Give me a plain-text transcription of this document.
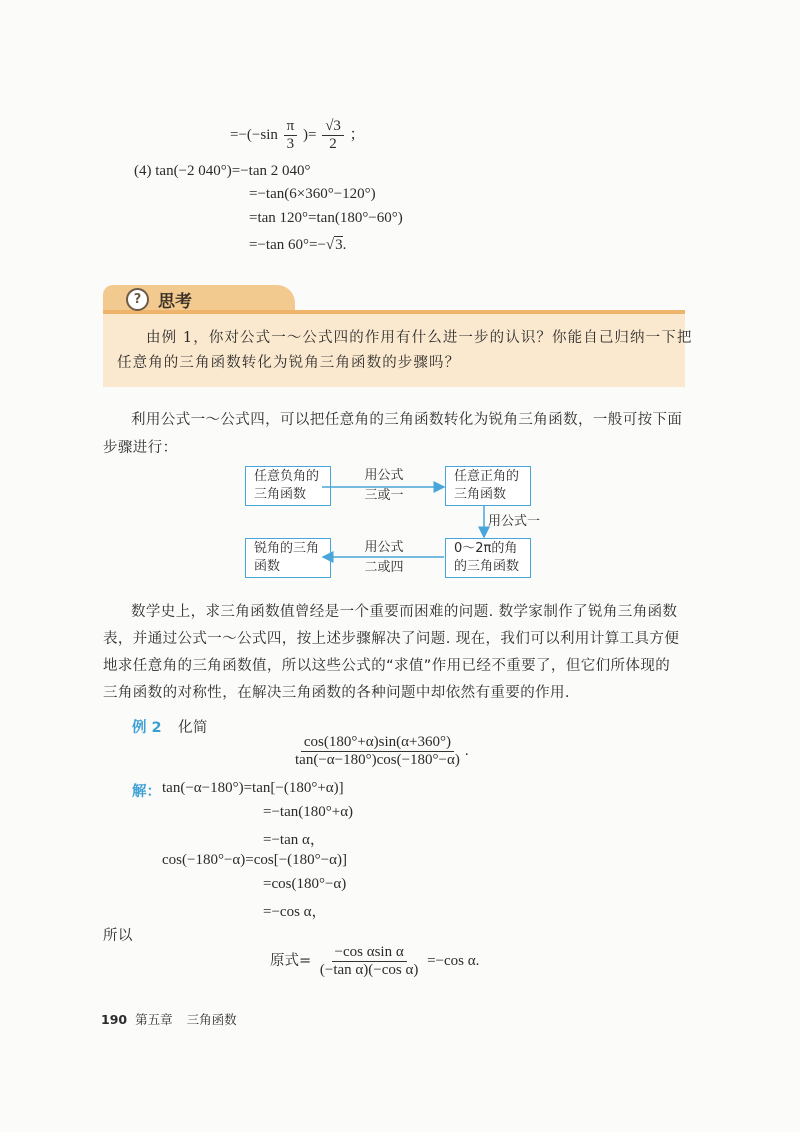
$=-(-\sin \frac{\pi}{3}$ )= $\frac{√3}{2}$ ；
(4) tan(−2 040°)=−tan 2 040°
=−tan(6×360°−120°)
=tan 120°=tan(180°−60°)
=−tan 60°=−√3.
? 思考
由例 1，你对公式一～公式四的作用有什么进一步的认识？你能自己归纳一下把
任意角的三角函数转化为锐角三角函数的步骤吗？
利用公式一～公式四，可以把任意角的三角函数转化为锐角三角函数，一般可按下面
步骤进行：
任意负角的
三角函数
任意正角的
三角函数
0～2π的角
的三角函数
锐角的三角
函数
用公式
三或一
用公式一
用公式
二或四
数学史上，求三角函数值曾经是一个重要而困难的问题. 数学家制作了锐角三角函数
表，并通过公式一～公式四，按上述步骤解决了问题. 现在，我们可以利用计算工具方便
地求任意角的三角函数值，所以这些公式的“求值”作用已经不重要了，但它们所体现的
三角函数的对称性，在解决三角函数的各种问题中却依然有重要的作用.
例 2 化简
$\frac{\cos(180^\circ+\alpha)\sin(\alpha+360^\circ)}{\tan(-\alpha-180^\circ)\cos(-180^\circ-\alpha)}$ .
解： tan(−α−180°)=tan[−(180°+α)]
=−tan(180°+α)
=−tan α，
cos(−180°−α)=cos[−(180°−α)]
=cos(180°−α)
=−cos α，
所以
原式= $\frac{\text{−cos αsin α}}{\text{(−tan α)(−cos α)}} =-\cos$ α.
190 第五章 三角函数
